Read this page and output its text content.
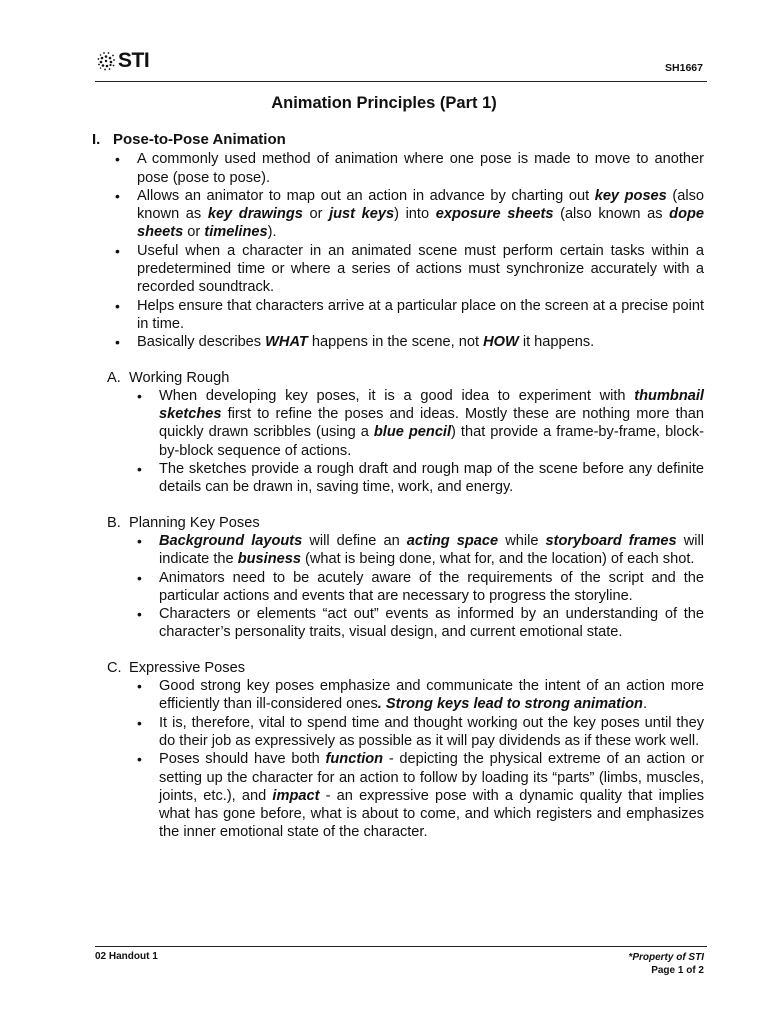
STI	SH1667
Animation Principles (Part 1)
I. Pose-to-Pose Animation
• A commonly used method of animation where one pose is made to move to another pose (pose to pose).
• Allows an animator to map out an action in advance by charting out key poses (also known as key drawings or just keys) into exposure sheets (also known as dope sheets or timelines).
• Useful when a character in an animated scene must perform certain tasks within a predetermined time or where a series of actions must synchronize accurately with a recorded soundtrack.
• Helps ensure that characters arrive at a particular place on the screen at a precise point in time.
• Basically describes WHAT happens in the scene, not HOW it happens.
A. Working Rough
• When developing key poses, it is a good idea to experiment with thumbnail sketches first to refine the poses and ideas. Mostly these are nothing more than quickly drawn scribbles (using a blue pencil) that provide a frame-by-frame, block-by-block sequence of actions.
• The sketches provide a rough draft and rough map of the scene before any definite details can be drawn in, saving time, work, and energy.
B. Planning Key Poses
• Background layouts will define an acting space while storyboard frames will indicate the business (what is being done, what for, and the location) of each shot.
• Animators need to be acutely aware of the requirements of the script and the particular actions and events that are necessary to progress the storyline.
• Characters or elements “act out” events as informed by an understanding of the character’s personality traits, visual design, and current emotional state.
C. Expressive Poses
• Good strong key poses emphasize and communicate the intent of an action more efficiently than ill-considered ones. Strong keys lead to strong animation.
• It is, therefore, vital to spend time and thought working out the key poses until they do their job as expressively as possible as it will pay dividends as if these work well.
• Poses should have both function - depicting the physical extreme of an action or setting up the character for an action to follow by loading its “parts” (limbs, muscles, joints, etc.), and impact - an expressive pose with a dynamic quality that implies what has gone before, what is about to come, and which registers and emphasizes the inner emotional state of the character.
02 Handout 1	*Property of STI
Page 1 of 2
